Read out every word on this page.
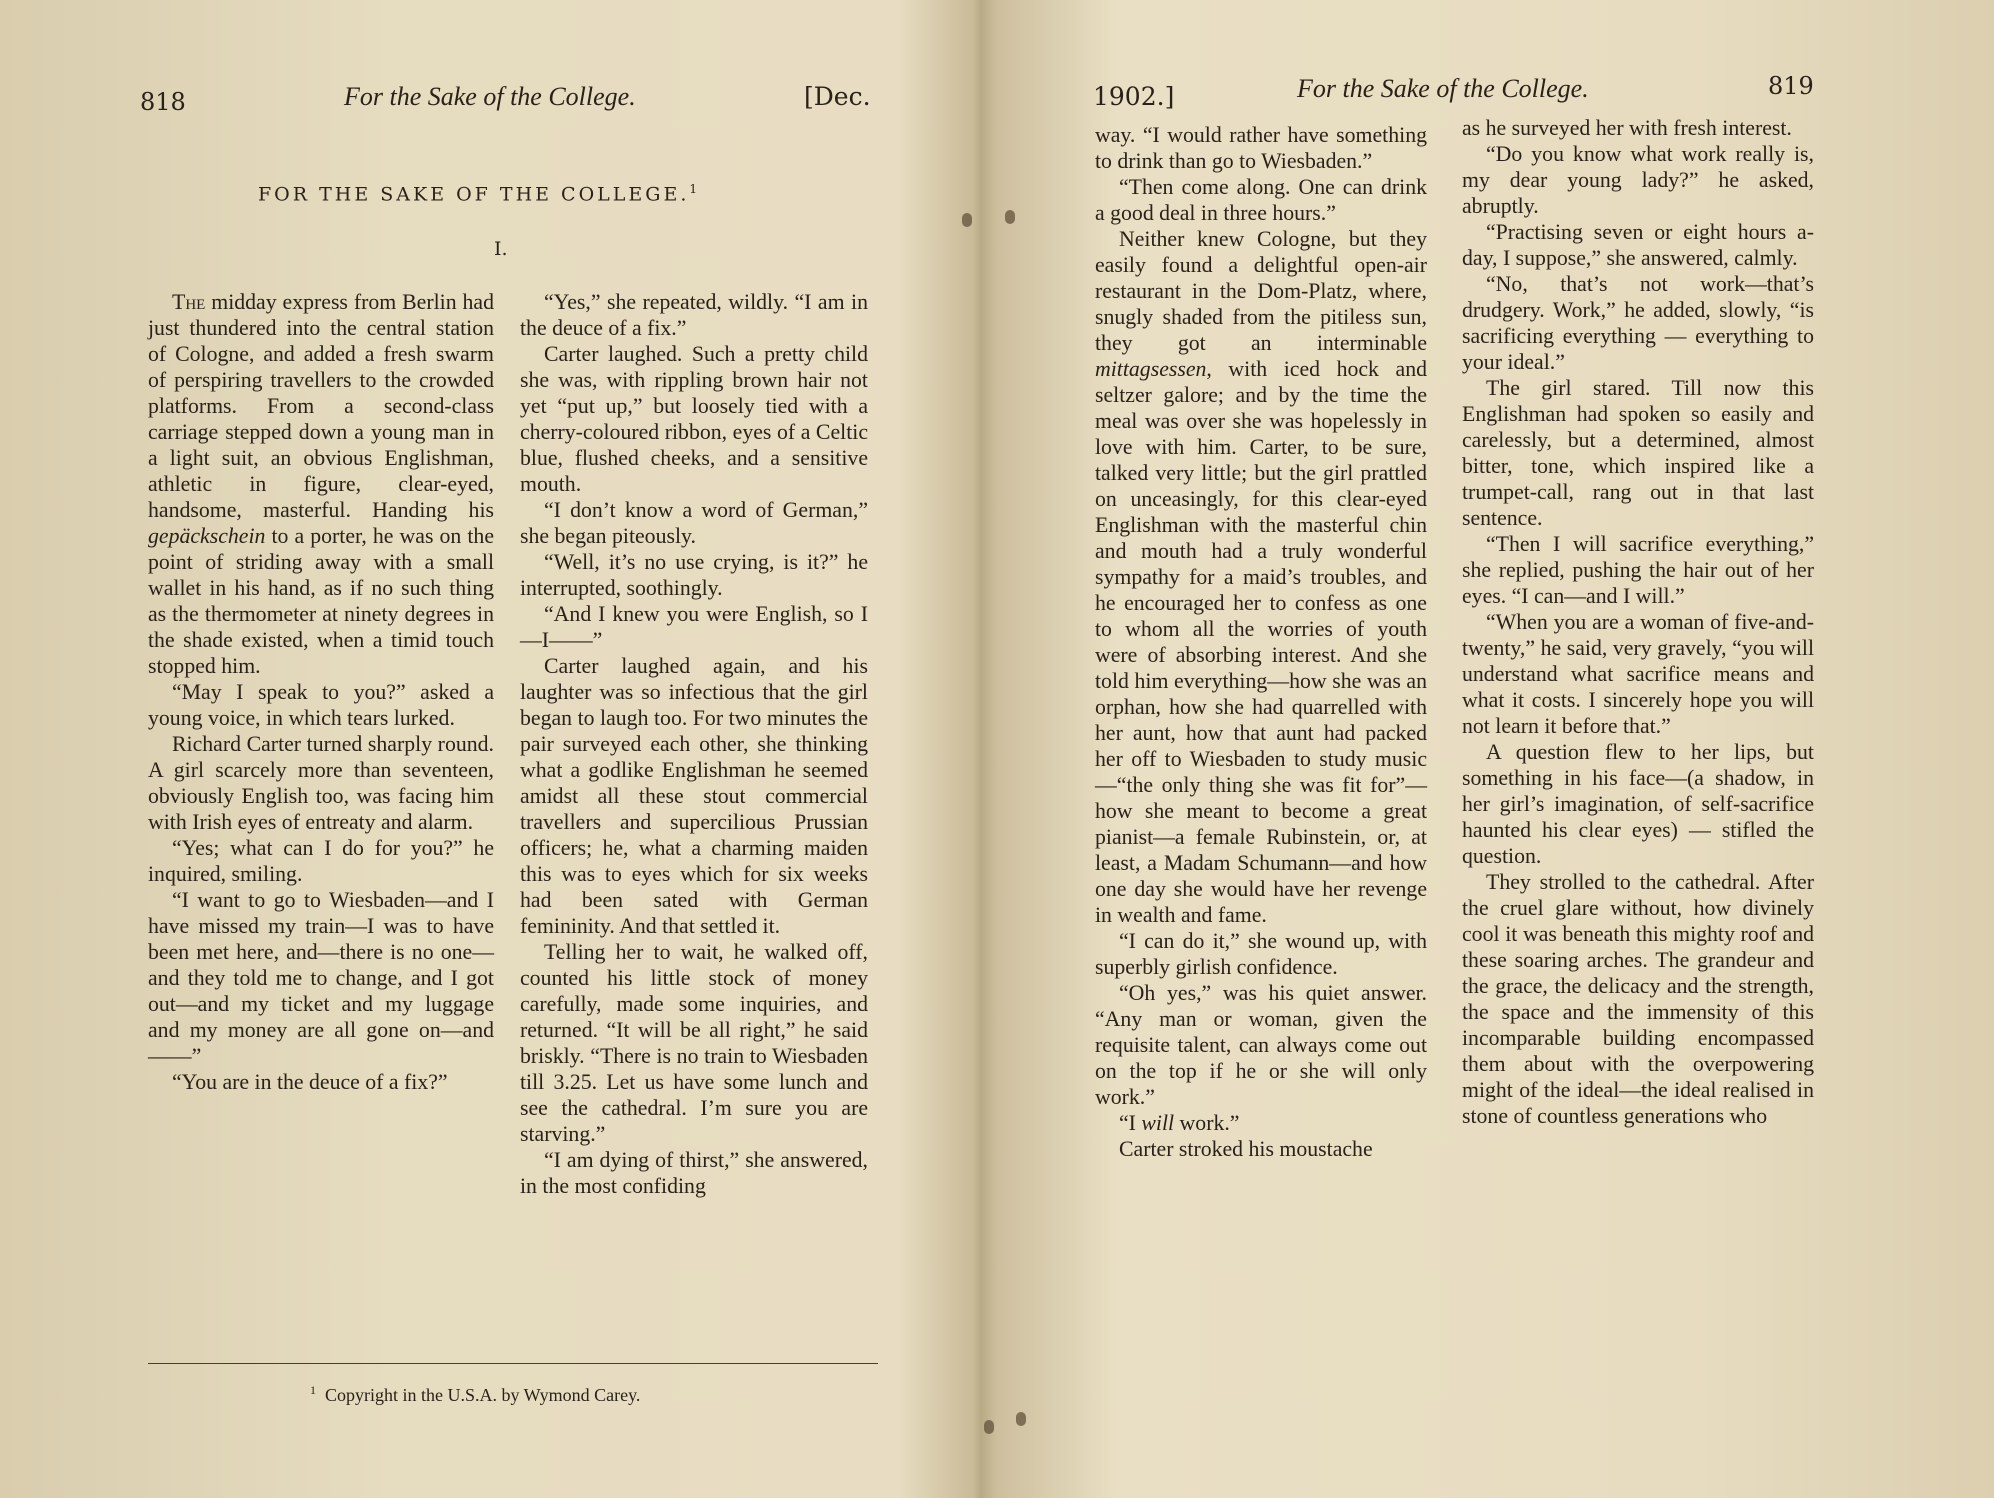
818	For the Sake of the College.	[Dec.
FOR THE SAKE OF THE COLLEGE.$^1$
I.

The midday express from Berlin had just thundered into the central station of Cologne, and added a fresh swarm of perspiring travellers to the crowded platforms. From a second-class carriage stepped down a young man in a light suit, an obvious Englishman, athletic in figure, clear-eyed, handsome, masterful. Handing his gepäckschein to a porter, he was on the point of striding away with a small wallet in his hand, as if no such thing as the thermometer at ninety degrees in the shade existed, when a timid touch stopped him.

“May I speak to you?” asked a young voice, in which tears lurked.

Richard Carter turned sharply round. A girl scarcely more than seventeen, obviously English too, was facing him with Irish eyes of entreaty and alarm.

“Yes; what can I do for you?” he inquired, smiling.

“I want to go to Wiesbaden—and I have missed my train—I was to have been met here, and—there is no one—and they told me to change, and I got out—and my ticket and my luggage and my money are all gone on—and——”

“You are in the deuce of a fix?”

“Yes,” she repeated, wildly. “I am in the deuce of a fix.”

Carter laughed. Such a pretty child she was, with rippling brown hair not yet “put up,” but loosely tied with a cherry-coloured ribbon, eyes of a Celtic blue, flushed cheeks, and a sensitive mouth.

“I don’t know a word of German,” she began piteously.

“Well, it’s no use crying, is it?” he interrupted, soothingly.

“And I knew you were English, so I—I——”

Carter laughed again, and his laughter was so infectious that the girl began to laugh too. For two minutes the pair surveyed each other, she thinking what a godlike Englishman he seemed amidst all these stout commercial travellers and supercilious Prussian officers; he, what a charming maiden this was to eyes which for six weeks had been sated with German femininity. And that settled it.

Telling her to wait, he walked off, counted his little stock of money carefully, made some inquiries, and returned. “It will be all right,” he said briskly. “There is no train to Wiesbaden till 3.25. Let us have some lunch and see the cathedral. I’m sure you are starving.”

“I am dying of thirst,” she answered, in the most confiding

$^1$ Copyright in the U.S.A. by Wymond Carey.
1902.]	For the Sake of the College.	819

way. “I would rather have something to drink than go to Wiesbaden.”

“Then come along. One can drink a good deal in three hours.”

Neither knew Cologne, but they easily found a delightful open-air restaurant in the Dom-Platz, where, snugly shaded from the pitiless sun, they got an interminable mittagsessen, with iced hock and seltzer galore; and by the time the meal was over she was hopelessly in love with him. Carter, to be sure, talked very little; but the girl prattled on unceasingly, for this clear-eyed Englishman with the masterful chin and mouth had a truly wonderful sympathy for a maid’s troubles, and he encouraged her to confess as one to whom all the worries of youth were of absorbing interest. And she told him everything—how she was an orphan, how she had quarrelled with her aunt, how that aunt had packed her off to Wiesbaden to study music—“the only thing she was fit for”—how she meant to become a great pianist—a female Rubinstein, or, at least, a Madam Schumann—and how one day she would have her revenge in wealth and fame.

“I can do it,” she wound up, with superbly girlish confidence.

“Oh yes,” was his quiet answer. “Any man or woman, given the requisite talent, can always come out on the top if he or she will only work.”

“I will work.”

Carter stroked his moustache

as he surveyed her with fresh interest.

“Do you know what work really is, my dear young lady?” he asked, abruptly.

“Practising seven or eight hours a-day, I suppose,” she answered, calmly.

“No, that’s not work—that’s drudgery. Work,” he added, slowly, “is sacrificing everything — everything to your ideal.”

The girl stared. Till now this Englishman had spoken so easily and carelessly, but a determined, almost bitter, tone, which inspired like a trumpet-call, rang out in that last sentence.

“Then I will sacrifice everything,” she replied, pushing the hair out of her eyes. “I can—and I will.”

“When you are a woman of five-and-twenty,” he said, very gravely, “you will understand what sacrifice means and what it costs. I sincerely hope you will not learn it before that.”

A question flew to her lips, but something in his face—(a shadow, in her girl’s imagination, of self-sacrifice haunted his clear eyes) — stifled the question.

They strolled to the cathedral. After the cruel glare without, how divinely cool it was beneath this mighty roof and these soaring arches. The grandeur and the grace, the delicacy and the strength, the space and the immensity of this incomparable building encompassed them about with the overpowering might of the ideal—the ideal realised in stone of countless generations who
